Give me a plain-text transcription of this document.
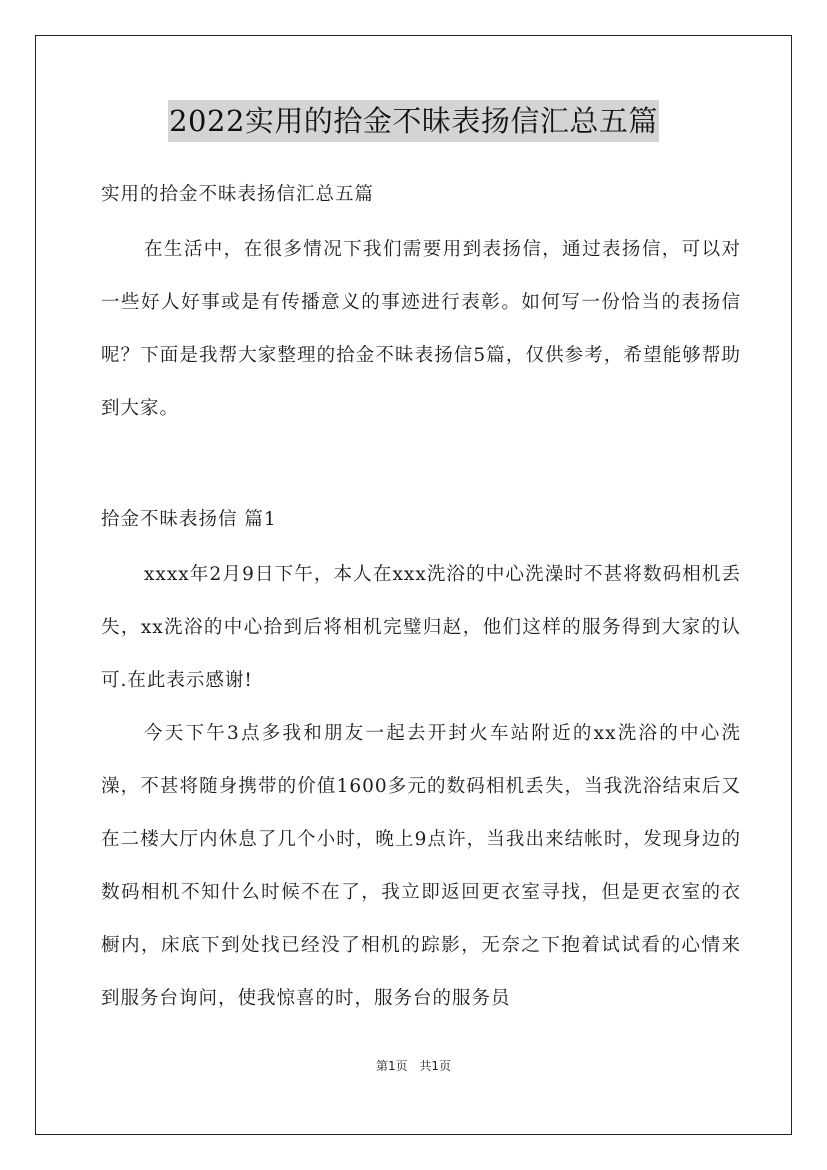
2022实用的拾金不昧表扬信汇总五篇
实用的拾金不昧表扬信汇总五篇

在生活中，在很多情况下我们需要用到表扬信，通过表扬信，可以对一些好人好事或是有传播意义的事迹进行表彰。如何写一份恰当的表扬信呢？下面是我帮大家整理的拾金不昧表扬信5篇，仅供参考，希望能够帮助到大家。

拾金不昧表扬信 篇1

xxxx年2月9日下午，本人在xxx洗浴的中心洗澡时不甚将数码相机丢失，xx洗浴的中心拾到后将相机完璧归赵，他们这样的服务得到大家的认可.在此表示感谢!

今天下午3点多我和朋友一起去开封火车站附近的xx洗浴的中心洗澡，不甚将随身携带的价值1600多元的数码相机丢失，当我洗浴结束后又在二楼大厅内休息了几个小时，晚上9点许，当我出来结帐时，发现身边的数码相机不知什么时候不在了，我立即返回更衣室寻找，但是更衣室的衣橱内，床底下到处找已经没了相机的踪影，无奈之下抱着试试看的心情来到服务台询问，使我惊喜的时，服务台的服务员

第1页 共1页
